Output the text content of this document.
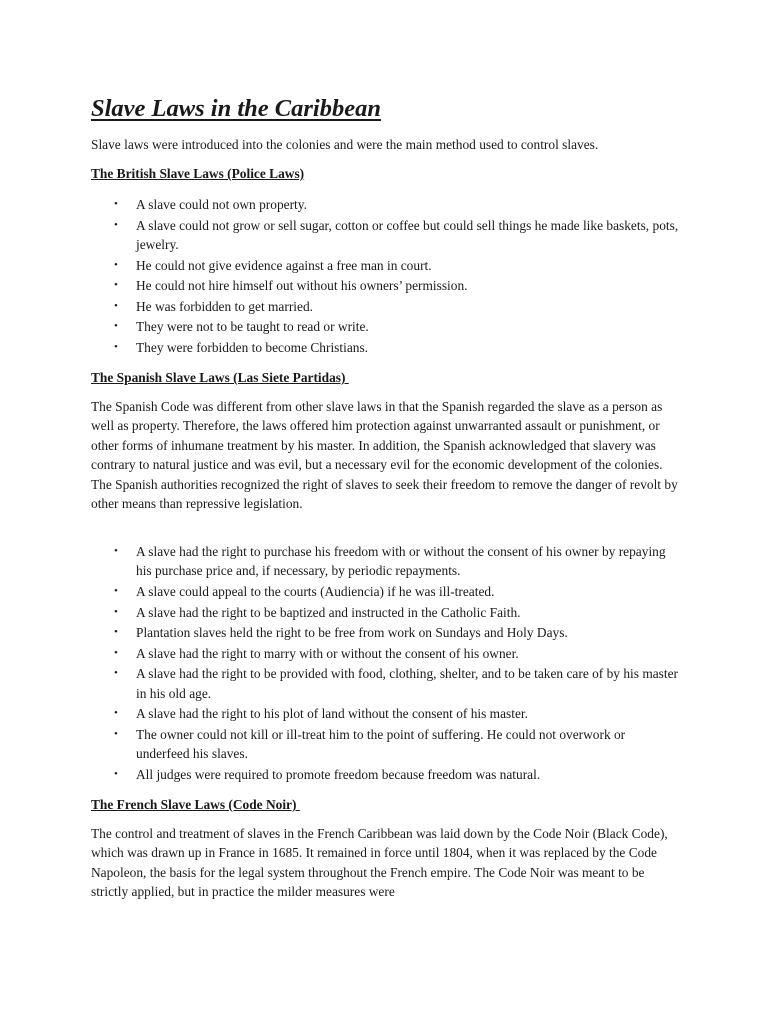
Slave Laws in the Caribbean

Slave laws were introduced into the colonies and were the main method used to control slaves.

The British Slave Laws (Police Laws)
• A slave could not own property.
• A slave could not grow or sell sugar, cotton or coffee but could sell things he made like baskets, pots, jewelry.
• He could not give evidence against a free man in court.
• He could not hire himself out without his owners’ permission.
• He was forbidden to get married.
• They were not to be taught to read or write.
• They were forbidden to become Christians.
The Spanish Slave Laws (Las Siete Partidas)

The Spanish Code was different from other slave laws in that the Spanish regarded the slave as a person as well as property. Therefore, the laws offered him protection against unwarranted assault or punishment, or other forms of inhumane treatment by his master. In addition, the Spanish acknowledged that slavery was contrary to natural justice and was evil, but a necessary evil for the economic development of the colonies. The Spanish authorities recognized the right of slaves to seek their freedom to remove the danger of revolt by other means than repressive legislation.

• A slave had the right to purchase his freedom with or without the consent of his owner by repaying his purchase price and, if necessary, by periodic repayments.
• A slave could appeal to the courts (Audiencia) if he was ill-treated.
• A slave had the right to be baptized and instructed in the Catholic Faith.
• Plantation slaves held the right to be free from work on Sundays and Holy Days.
• A slave had the right to marry with or without the consent of his owner.
• A slave had the right to be provided with food, clothing, shelter, and to be taken care of by his master in his old age.
• A slave had the right to his plot of land without the consent of his master.
• The owner could not kill or ill-treat him to the point of suffering. He could not overwork or underfeed his slaves.
• All judges were required to promote freedom because freedom was natural.
The French Slave Laws (Code Noir)

The control and treatment of slaves in the French Caribbean was laid down by the Code Noir (Black Code), which was drawn up in France in 1685. It remained in force until 1804, when it was replaced by the Code Napoleon, the basis for the legal system throughout the French empire. The Code Noir was meant to be strictly applied, but in practice the milder measures were
